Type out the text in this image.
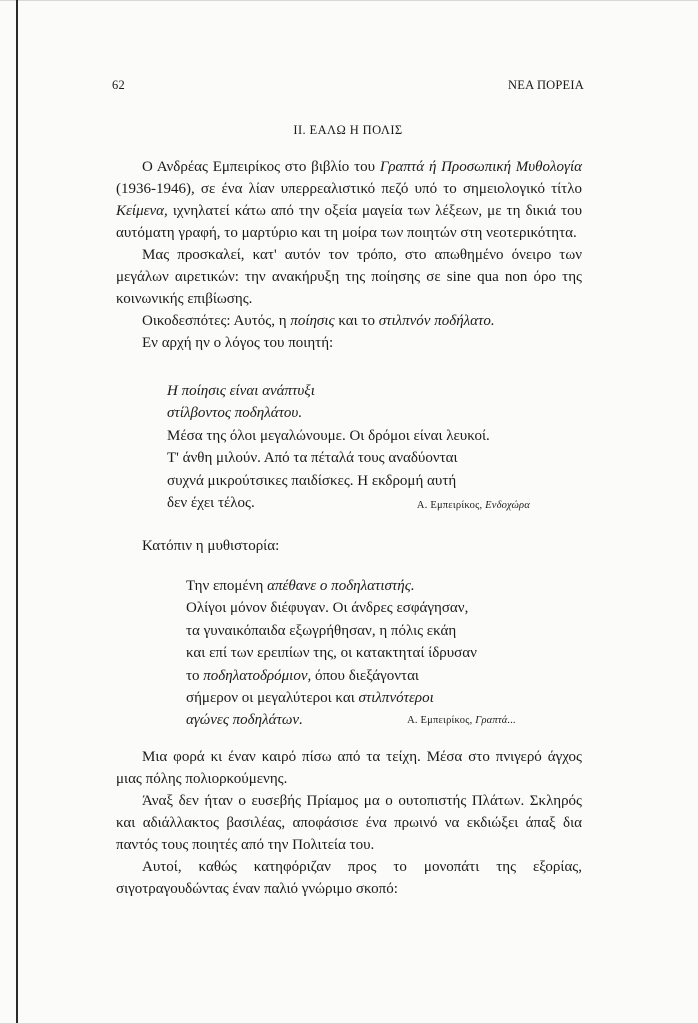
62	ΝΕΑ ΠΟΡΕΙΑ
ΙΙ. ΕΑΛΩ Η ΠΟΛΙΣ

Ο Ανδρέας Εμπειρίκος στο βιβλίο του Γραπτά ή Προσωπική Μυθολογία (1936-1946), σε ένα λίαν υπερρεαλιστικό πεζό υπό το σημειολογικό τίτλο Κείμενα, ιχνηλατεί κάτω από την οξεία μαγεία των λέξεων, με τη δικιά του αυτόματη γραφή, το μαρτύριο και τη μοίρα των ποιητών στη νεοτερικότητα.

Μας προσκαλεί, κατ' αυτόν τον τρόπο, στο απωθημένο όνειρο των μεγάλων αιρετικών: την ανακήρυξη της ποίησης σε sine qua non όρο της κοινωνικής επιβίωσης.

Οικοδεσπότες: Αυτός, η ποίησις και το στιλπνόν ποδήλατο.

Εν αρχή ην ο λόγος του ποιητή:

Η ποίησις είναι ανάπτυξι
στίλβοντος ποδηλάτου.
Μέσα της όλοι μεγαλώνουμε. Οι δρόμοι είναι λευκοί.
Τ' άνθη μιλούν. Από τα πέταλά τους αναδύονται
συχνά μικρούτσικες παιδίσκες. Η εκδρομή αυτή
δεν έχει τέλος.	Α. Εμπειρίκος, Ενδοχώρα
Κατόπιν η μυθιστορία:
Την επομένη απέθανε ο ποδηλατιστής.
Ολίγοι μόνον διέφυγαν. Οι άνδρες εσφάγησαν,
τα γυναικόπαιδα εξωγρήθησαν, η πόλις εκάη
και επί των ερειπίων της, οι κατακτηταί ίδρυσαν
το ποδηλατοδρόμιον, όπου διεξάγονται
σήμερον οι μεγαλύτεροι και στιλπνότεροι
αγώνες ποδηλάτων.	Α. Εμπειρίκος, Γραπτά...

Μια φορά κι έναν καιρό πίσω από τα τείχη. Μέσα στο πνιγερό άγχος μιας πόλης πολιορκούμενης.

Άναξ δεν ήταν ο ευσεβής Πρίαμος μα ο ουτοπιστής Πλάτων. Σκληρός και αδιάλλακτος βασιλέας, αποφάσισε ένα πρωινό να εκδιώξει άπαξ δια παντός τους ποιητές από την Πολιτεία του.

Αυτοί, καθώς κατηφόριζαν προς το μονοπάτι της εξορίας, σιγοτραγουδώντας έναν παλιό γνώριμο σκοπό:
